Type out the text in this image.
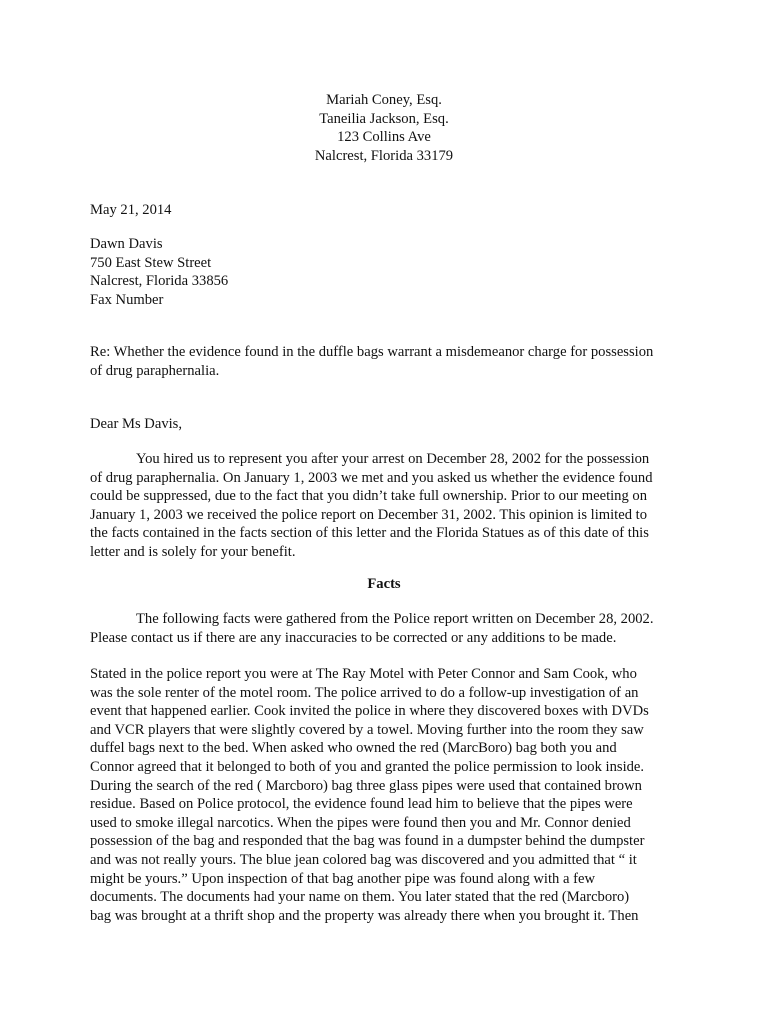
Mariah Coney, Esq.
Taneilia Jackson, Esq.
123 Collins Ave
Nalcrest, Florida 33179
May 21, 2014
Dawn Davis
750 East Stew Street
Nalcrest, Florida 33856
Fax Number
Re: Whether the evidence found in the duffle bags warrant a misdemeanor charge for possession
of drug paraphernalia.
Dear Ms Davis,
You hired us to represent you after your arrest on December 28, 2002 for the possession
of drug paraphernalia. On January 1, 2003 we met and you asked us whether the evidence found
could be suppressed, due to the fact that you didn’t take full ownership. Prior to our meeting on
January 1, 2003 we received the police report on December 31, 2002. This opinion is limited to
the facts contained in the facts section of this letter and the Florida Statues as of this date of this
letter and is solely for your benefit.
Facts
The following facts were gathered from the Police report written on December 28, 2002.
Please contact us if there are any inaccuracies to be corrected or any additions to be made.
Stated in the police report you were at The Ray Motel with Peter Connor and Sam Cook, who
was the sole renter of the motel room. The police arrived to do a follow-up investigation of an
event that happened earlier. Cook invited the police in where they discovered boxes with DVDs
and VCR players that were slightly covered by a towel. Moving further into the room they saw
duffel bags next to the bed. When asked who owned the red (MarcBoro) bag both you and
Connor agreed that it belonged to both of you and granted the police permission to look inside.
During the search of the red ( Marcboro) bag three glass pipes were used that contained brown
residue. Based on Police protocol, the evidence found lead him to believe that the pipes were
used to smoke illegal narcotics. When the pipes were found then you and Mr. Connor denied
possession of the bag and responded that the bag was found in a dumpster behind the dumpster
and was not really yours. The blue jean colored bag was discovered and you admitted that “ it
might be yours.” Upon inspection of that bag another pipe was found along with a few
documents. The documents had your name on them. You later stated that the red (Marcboro)
bag was brought at a thrift shop and the property was already there when you brought it. Then
